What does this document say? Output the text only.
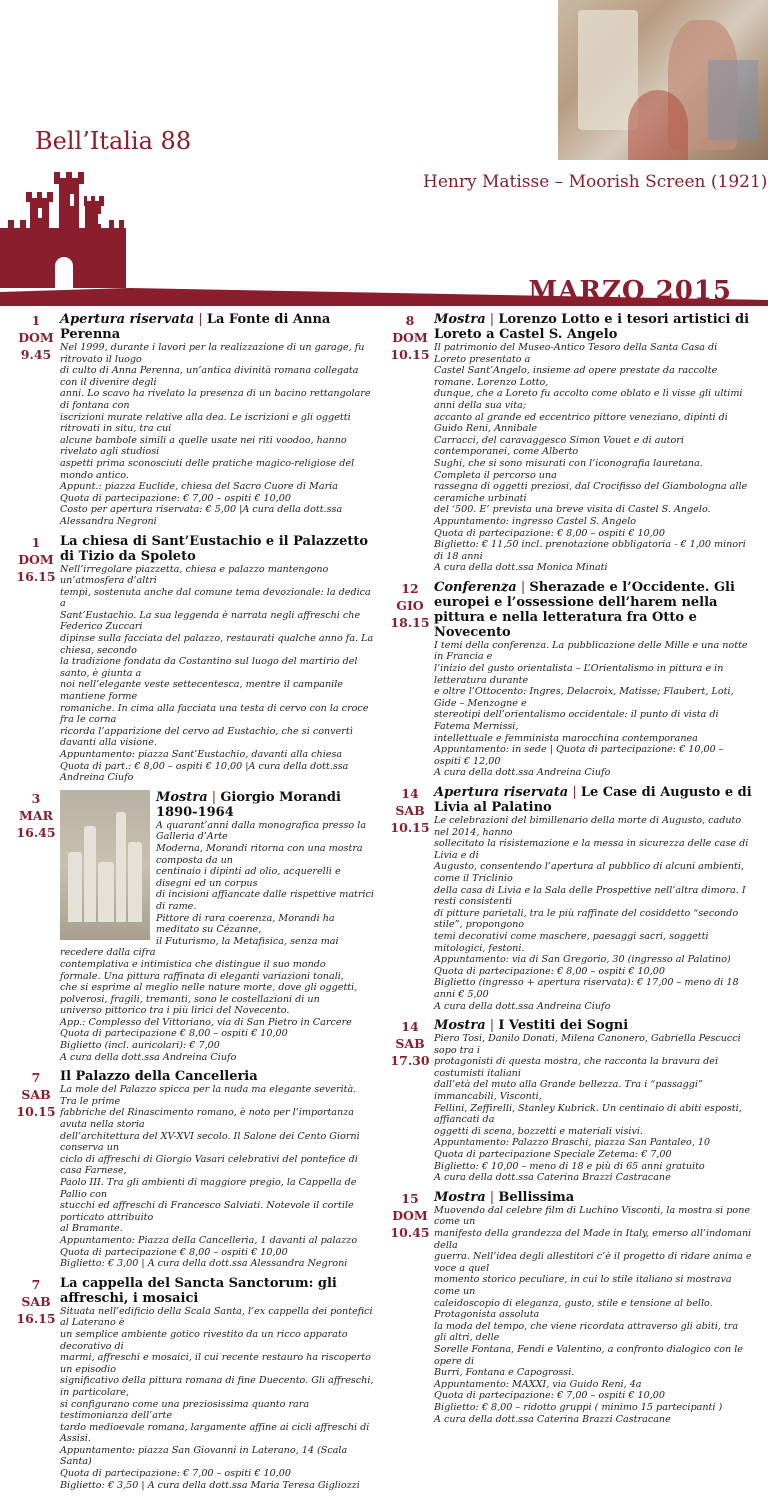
Bell’Italia 88
Henry Matisse – Moorish Screen (1921)
MARZO 2015
1
DOM
9.45
Apertura riservata | La Fonte di Anna Perenna
Nel 1999, durante i lavori per la realizzazione di un garage, fu ritrovato il luogo
di culto di Anna Perenna, un’antica divinità romana collegata con il divenire degli
anni. Lo scavo ha rivelato la presenza di un bacino rettangolare di fontana con
iscrizioni murate relative alla dea. Le iscrizioni e gli oggetti ritrovati in situ, tra cui
alcune bambole simili a quelle usate nei riti voodoo, hanno rivelato agli studiosi
aspetti prima sconosciuti delle pratiche magico-religiose del mondo antico.
Appunt.: piazza Euclide, chiesa del Sacro Cuore di Maria
Quota di partecipazione: € 7,00 – ospiti € 10,00
Costo per apertura riservata: € 5,00 |A cura della dott.ssa Alessandra Negroni
1
DOM
16.15
La chiesa di Sant’Eustachio e il Palazzetto di Tizio da Spoleto
Nell’irregolare piazzetta, chiesa e palazzo mantengono un’atmosfera d’altri
tempi, sostenuta anche dal comune tema devozionale: la dedica a
Sant’Eustachio. La sua leggenda è narrata negli affreschi che Federico Zuccari
dipinse sulla facciata del palazzo, restaurati qualche anno fa. La chiesa, secondo
la tradizione fondata da Costantino sul luogo del martirio del santo, è giunta a
noi nell’elegante veste settecentesca, mentre il campanile mantiene forme
romaniche. In cima alla facciata una testa di cervo con la croce fra le corna
ricorda l’apparizione del cervo ad Eustachio, che si convertì davanti alla visione.
Appuntamento: piazza Sant’Eustachio, davanti alla chiesa
Quota di part.: € 8,00 – ospiti € 10,00 |A cura della dott.ssa Andreina Ciufo
3
MAR
16.45
Mostra | Giorgio Morandi 1890-1964
A quarant’anni dalla monografica presso la Galleria d’Arte
Moderna, Morandi ritorna con una mostra composta da un
centinaio i dipinti ad olio, acquerelli e disegni ed un corpus
di incisioni affiancate dalle rispettive matrici di rame.
Pittore di rara coerenza, Morandi ha meditato su Cézanne,
il Futurismo, la Metafisica, senza mai recedere dalla cifra
contemplativa e intimistica che distingue il suo mondo
formale. Una pittura raffinata di eleganti variazioni tonali,
che si esprime al meglio nelle nature morte, dove gli oggetti,
polverosi, fragili, tremanti, sono le costellazioni di un
universo pittorico tra i più lirici del Novecento.
App.: Complesso del Vittoriano, via di San Pietro in Carcere
Quota di partecipazione € 8,00 – ospiti € 10,00
Biglietto (incl. auricolari): € 7,00
A cura della dott.ssa Andreina Ciufo
7
SAB
10.15
Il Palazzo della Cancelleria
La mole del Palazzo spicca per la nuda ma elegante severità. Tra le prime
fabbriche del Rinascimento romano, è noto per l’importanza avuta nella storia
dell’architettura del XV-XVI secolo. Il Salone dei Cento Giorni conserva un
ciclo di affreschi di Giorgio Vasari celebrativi del pontefice di casa Farnese,
Paolo III. Tra gli ambienti di maggiore pregio, la Cappella de Pallio con
stucchi ed affreschi di Francesco Salviati. Notevole il cortile porticato attribuito
al Bramante.
Appuntamento: Piazza della Cancelleria, 1 davanti al palazzo
Quota di partecipazione € 8,00 – ospiti € 10,00
Biglietto: € 3,00 | A cura della dott.ssa Alessandra Negroni
7
SAB
16.15
La cappella del Sancta Sanctorum: gli affreschi, i mosaici
Situata nell’edificio della Scala Santa, l’ex cappella dei pontefici al Laterano è
un semplice ambiente gotico rivestito da un ricco apparato decorativo di
marmi, affreschi e mosaici, il cui recente restauro ha riscoperto un episodio
significativo della pittura romana di fine Duecento. Gli affreschi, in particolare,
si configurano come una preziosissima quanto rara testimonianza dell’arte
tardo medioevale romana, largamente affine ai cicli affreschi di Assisi.
Appuntamento: piazza San Giovanni in Laterano, 14 (Scala Santa)
Quota di partecipazione: € 7,00 – ospiti € 10,00
Biglietto: € 3,50 | A cura della dott.ssa Maria Teresa Gigliozzi
8
DOM
10.15
Mostra | Lorenzo Lotto e i tesori artistici di Loreto a Castel S. Angelo
Il patrimonio del Museo-Antico Tesoro della Santa Casa di Loreto presentato a
Castel Sant’Angelo, insieme ad opere prestate da raccolte romane. Lorenzo Lotto,
dunque, che a Loreto fu accolto come oblato e lì visse gli ultimi anni della sua vita;
accanto al grande ed eccentrico pittore veneziano, dipinti di Guido Reni, Annibale
Carracci, del caravaggesco Simon Vouet e di autori contemporanei, come Alberto
Sughi, che si sono misurati con l’iconografia lauretana. Completa il percorso una
rassegna di oggetti preziosi, dal Crocifisso del Giambologna alle ceramiche urbinati
del ‘500. E’ prevista una breve visita di Castel S. Angelo.
Appuntamento: ingresso Castel S. Angelo
Quota di partecipazione: € 8,00 – ospiti € 10,00
Biglietto: € 11,50 incl. prenotazione obbligatoria - € 1,00 minori di 18 anni
A cura della dott.ssa Monica Minati
12
GIO
18.15
Conferenza | Sherazade e l’Occidente. Gli europei e l’ossessione dell’harem nella pittura e nella letteratura fra Otto e Novecento
I temi della conferenza. La pubblicazione delle Mille e una notte in Francia e
l’inizio del gusto orientalista – L’Orientalismo in pittura e in letteratura durante
e oltre l’Ottocento: Ingres, Delacroix, Matisse; Flaubert, Loti, Gide – Menzogne e
stereotipi dell’orientalismo occidentale: il punto di vista di Fatema Mernissi,
intellettuale e femminista marocchina contemporanea
Appuntamento: in sede | Quota di partecipazione: € 10,00 – ospiti € 12,00
A cura della dott.ssa Andreina Ciufo
14
SAB
10.15
Apertura riservata | Le Case di Augusto e di Livia al Palatino
Le celebrazioni del bimillenario della morte di Augusto, caduto nel 2014, hanno
sollecitato la risistemazione e la messa in sicurezza delle case di Livia e di
Augusto, consentendo l’apertura al pubblico di alcuni ambienti, come il Triclinio
della casa di Livia e la Sala delle Prospettive nell’altra dimora. I resti consistenti
di pitture parietali, tra le più raffinate del cosiddetto “secondo stile”, propongono
temi decorativi come maschere, paesaggi sacri, soggetti mitologici, festoni.
Appuntamento: via di San Gregorio, 30 (ingresso al Palatino)
Quota di partecipazione: € 8,00 – ospiti € 10,00
Biglietto (ingresso + apertura riservata): € 17,00 – meno di 18 anni € 5,00
A cura della dott.ssa Andreina Ciufo
14
SAB
17.30
Mostra | I Vestiti dei Sogni
Piero Tosi, Danilo Donati, Milena Canonero, Gabriella Pescucci sopo tra i
protagonisti di questa mostra, che racconta la bravura dei costumisti italiani
dall’età del muto alla Grande bellezza. Tra i “passaggi” immancabili, Visconti,
Fellini, Zeffirelli, Stanley Kubrick. Un centinaio di abiti esposti, affiancati da
oggetti di scena, bozzetti e materiali visivi.
Appuntamento: Palazzo Braschi, piazza San Pantaleo, 10
Quota di partecipazione Speciale Zetema: € 7,00
Biglietto: € 10,00 – meno di 18 e più di 65 anni gratuito
A cura della dott.ssa Caterina Brazzi Castracane
15
DOM
10.45
Mostra | Bellissima
Muovendo dal celebre film di Luchino Visconti, la mostra si pone come un
manifesto della grandezza del Made in Italy, emerso all’indomani della
guerra. Nell’idea degli allestitori c’è il progetto di ridare anima e voce a quel
momento storico peculiare, in cui lo stile italiano si mostrava come un
caleidoscopio di eleganza, gusto, stile e tensione al bello. Protagonista assoluta
la moda del tempo, che viene ricordata attraverso gli abiti, tra gli altri, delle
Sorelle Fontana, Fendi e Valentino, a confronto dialogico con le opere di
Burri, Fontana e Capogrossi.
Appuntamento: MAXXI, via Guido Reni, 4a
Quota di partecipazione: € 7,00 – ospiti € 10,00
Biglietto: € 8,00 – ridotto gruppi ( minimo 15 partecipanti )
A cura della dott.ssa Caterina Brazzi Castracane
